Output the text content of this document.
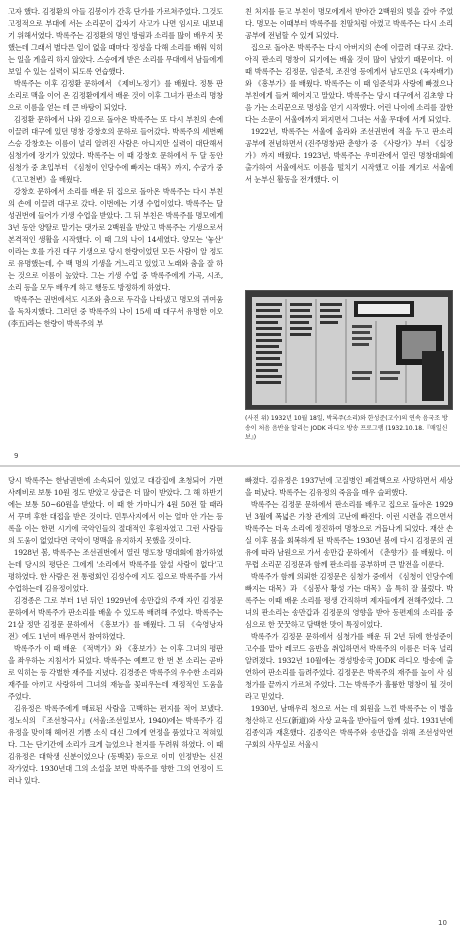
고자 했다. 김정환의 아들 김봉이가 간혹 단가를 가르쳐주었다. 그것도 고정적으로 부대에 서는 소리꾼이 갑자기 사고가 나면 임시로 내보내기 위해서였다. 박록주는 김정환의 명인 방림과 소리를 많이 배우지 못했는데 그래서 별다른 일이 없을 때마다 정성을 다해 소리를 배워 익히는 일을 게을리 하지 않았다. 스승에게 받은 소리를 무대에서 남들에게 보일 수 있는 실력이 되도록 연습했다.

박록주는 이후 김정환 문하에서 《제비노정기》를 배웠다. 정통 판소리로 맥을 이어 온 김정환에게서 배운 것이 이후 그녀가 판소리 명창으로 이름을 얻는 데 큰 바탕이 되었다.

김정환 문하에서 나와 김으로 돌아온 박록주는 또 다시 부친의 손에 이끌려 대구에 있던 명창 강창호의 문하로 들어갔다. 박록주의 세번째 스승 강창호는 이름이 널리 알려진 사람은 아니지만 실력이 대단해서 심청가에 장기가 있었다. 박록주는 이 때 강창호 문하에서 두 달 동안 심청가 중 초입부터 《심청이 인당수에 빠지는 대목》까지, 수궁가 중 《고고천변》을 배웠다.

강창호 문하에서 소리를 배운 뒤 집으로 돌아온 박록주는 다시 부친의 손에 이끌려 대구로 갔다. 이번에는 기생 수업이었다. 박록주는 달성권번에 들어가 기생 수업을 받았다. 그 뒤 부친은 박록주를 명모에게 3년 동안 양딸로 맡기는 댓가로 2백원을 받았고 박록주는 기생으로서 본격적인 생활을 시작했다. 이 때 그의 나이 14세였다. 양모는 '놓산' 이라는 호를 가진 대구 기생으로 당시 한량이었던 모든 사람이 알 정도로 유명했는데, 수 백 명의 기생을 거느리고 있었고 노래와 춤을 잘 하는 것으로 이름이 높았다. 그는 기생 수업 중 박록주에게 가곡, 시조, 소리 등을 모두 배우게 하고 행동도 방정하게 하였다.

박록주는 권번에서도 시조와 춤으로 두각을 나타냈고 명모의 귀여움을 독차지했다. 그러던 중 박록주의 나이 15세 때 대구서 유명한 이오(李五)라는 한량이 박록주의 부

친 처지를 듣고 부친이 명모에게서 받아간 2백원의 빚을 갚아 주었다. 명모는 이때부터 박록주를 친딸처럼 아꼈고 박록주는 다시 소리 공부에 전념할 수 있게 되었다.

집으로 돌아온 박록주는 다시 아버지의 손에 이끌려 대구로 갔다. 아직 판소리 명창이 되기에는 배울 것이 많이 남았기 때문이다. 이 때 박록주는 김정문, 임준석, 조진영 등에게서 남도민요 (육자배기)와 《흥부가》를 배웠다. 박록주는 이 때 임준석과 사랑에 빠졌으나 부친에게 들켜 헤어지고 말았다. 박록주는 당시 대구에서 김초향 다음 가는 소리꾼으로 명성을 얻기 시작했다. 어린 나이에 소리를 잘한다는 소문이 서울에까지 퍼지면서 그녀는 서울 무대에 서게 되었다.

1922년, 박록주는 서울에 올라와 조선권번에 적을 두고 판소리 공부에 전념하면서 (진주명창)판 춘향가 중 《사랑가》부터 《십장가》까지 배웠다. 1923년, 박록주는 우미관에서 열린 명창대회에 출가하여 서울에서도 이름을 떨치기 시작했고 이를 계기로 서울에서 눈부신 활동을 전개했다. 이

(사진 위) 1932년 10월 18일, 박록주(소리)와 한성준(고수)의 연속 음국조 방송이 처음 음반을 알리는 JODK 라디오 방송 프로그램 (1932.10.18.『매일신보』)
9

당시 박록주는 한남권번에 소속되어 있었고 대감집에 초청되어 가면 사례비로 보통 10원 정도 받았고 상급은 더 많이 받았다. 그 해 하반기에는 보통 50~60원을 받았다. 이 때 한 가마니가 4원 50전 할 때라서 꾸며 후한 대접을 받은 것이다. 민투사지에서 이는 얼마 안 가는 등록을 이는 한편 시기에 국악인들의 절대적인 후원자였고 그런 사람들의 도움이 없었다면 국악이 명맥을 유지하지 못했을 것이다.

1928년 봄, 박록주는 조선권번에서 열린 명도창 명대회에 참가하였는데 당시의 평단은 그에게 '소리에서 박록주를 앞설 사람이 없다'고 평하였다. 한 사람은 전 통령회인 김성수에 지도 집으로 박록주를 가서 수업하는데 김유정이었다.

김경종은 그로 부터 1년 뒤인 1929년에 송만갑의 주재 자인 김정문 문하에서 박록주가 판소리를 배울 수 있도록 배려해 주었다. 박록주는 21살 정만 김정문 문하에서 《흥보가》를 배웠다. 그 뒤 《숙영낭자전》에도 1년여 배우면서 참여하였다.

박록주가 이 때 배운 《적벽가》와 《흥보가》는 이후 그녀의 평판을 좌우하는 지침서가 되었다. 박록주는 예쁘고 한 번 본 소리는 곧바로 익히는 등 각별한 재주를 지녔다. 김경종은 박록주의 우수한 소리와 재주를 아끼고 사랑하여 그녀의 재능을 꽃피우는데 재정적인 도움을 주었다.

김유정은 박록주에게 매료된 사람을 고백하는 편지를 적어 보냈다. 정노식의 『조선창극사』(서울:조선일보사, 1940)에는 박록주가 김유정을 맞이해 헤어진 기쁨 소식 대신 그에게 연정을 품었다고 적혀있다. 그는 단기간에 소리가 크게 늘었으나 천지를 두려워 하였다. 이 때 김유정은 대학생 신분이었으나 (동백꽃) 등으로 이미 인정받는 신진 작가였다. 1930년대 그의 소설을 보면 박록주를 향한 그의 연정이 드러나 있다.

빠졌다. 김유정은 1937년에 고질병인 폐결핵으로 사망하면서 세상을 떠났다. 박록주는 김유정의 죽음을 매우 슬퍼했다.

박록주는 김정문 문하에서 판소리를 배우고 집으로 돌아온 1929년 3월에 폭넓은 가창 관계의 고난에 빠진다. 이런 시련을 겪으면서 박록주는 더욱 소리에 정진하여 명창으로 거듭나게 되었다. 재산 손실 이후 몸을 회복하게 된 박록주는 1930년 봄에 다시 김정문의 권유에 따라 남원으로 가서 송만갑 문하에서 《춘향가》를 배웠다. 이 무렵 소리꾼 김정문과 함께 판소리를 공부하며 큰 발전을 이룬다.

박록주가 함께 의뢰한 김정문은 심청가 중에서 《심청이 인당수에 빠지는 대목》과 《심봉사 황성 가는 대목》을 특히 잘 불렀다. 박록주는 이때 배운 소리를 평생 간직하며 제자들에게 전해주었다. 그녀의 판소리는 송만갑과 김정문의 영향을 받아 동편제의 소리를 중심으로 한 꿋꿋하고 담백한 맛이 특징이었다.

박록주가 김정문 문하에서 심청가를 배운 뒤 2년 뒤에 한성준이 고수를 맡아 레코드 음반을 취입하면서 박록주의 이름은 더욱 널리 알려졌다. 1932년 10월에는 경성방송국 JODK 라디오 방송에 출연하여 판소리를 들려주었다. 김정문은 박록주의 재주를 높이 사 심청가를 끝까지 가르쳐 주었다. 그는 박록주가 훌륭한 명창이 될 것이라고 믿었다.

1930년, 남매우리 청으로 서는 데 회원을 느낀 박록주는 이 병을 청산하고 신도(新道)와 사상 교육을 받아들여 함께 섰다. 1931년에 김종익과 재혼했다. 김종익은 박록주와 송만갑을 위해 조선성악연구회의 사무실로 서울시

10
